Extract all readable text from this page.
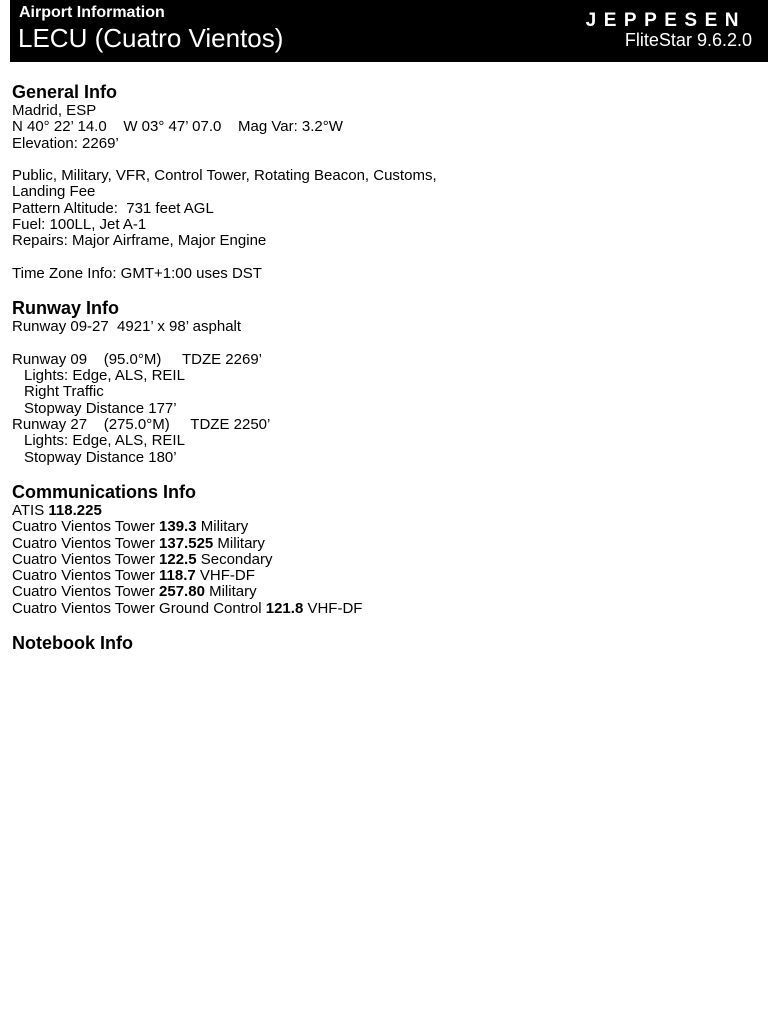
Airport Information
LECU (Cuatro Vientos)
JEPPESEN
FliteStar 9.6.2.0
General Info
Madrid, ESP
N 40° 22’ 14.0    W 03° 47’ 07.0    Mag Var: 3.2°W
Elevation: 2269’
Public, Military, VFR, Control Tower, Rotating Beacon, Customs,
Landing Fee
Pattern Altitude:  731 feet AGL
Fuel: 100LL, Jet A-1
Repairs: Major Airframe, Major Engine
Time Zone Info: GMT+1:00 uses DST
Runway Info
Runway 09-27  4921’ x 98’ asphalt
Runway 09    (95.0°M)     TDZE 2269’
Lights: Edge, ALS, REIL
Right Traffic
Stopway Distance 177’
Runway 27    (275.0°M)     TDZE 2250’
Lights: Edge, ALS, REIL
Stopway Distance 180’
Communications Info
ATIS 118.225
Cuatro Vientos Tower 139.3 Military
Cuatro Vientos Tower 137.525 Military
Cuatro Vientos Tower 122.5 Secondary
Cuatro Vientos Tower 118.7 VHF-DF
Cuatro Vientos Tower 257.80 Military
Cuatro Vientos Tower Ground Control 121.8 VHF-DF
Notebook Info
